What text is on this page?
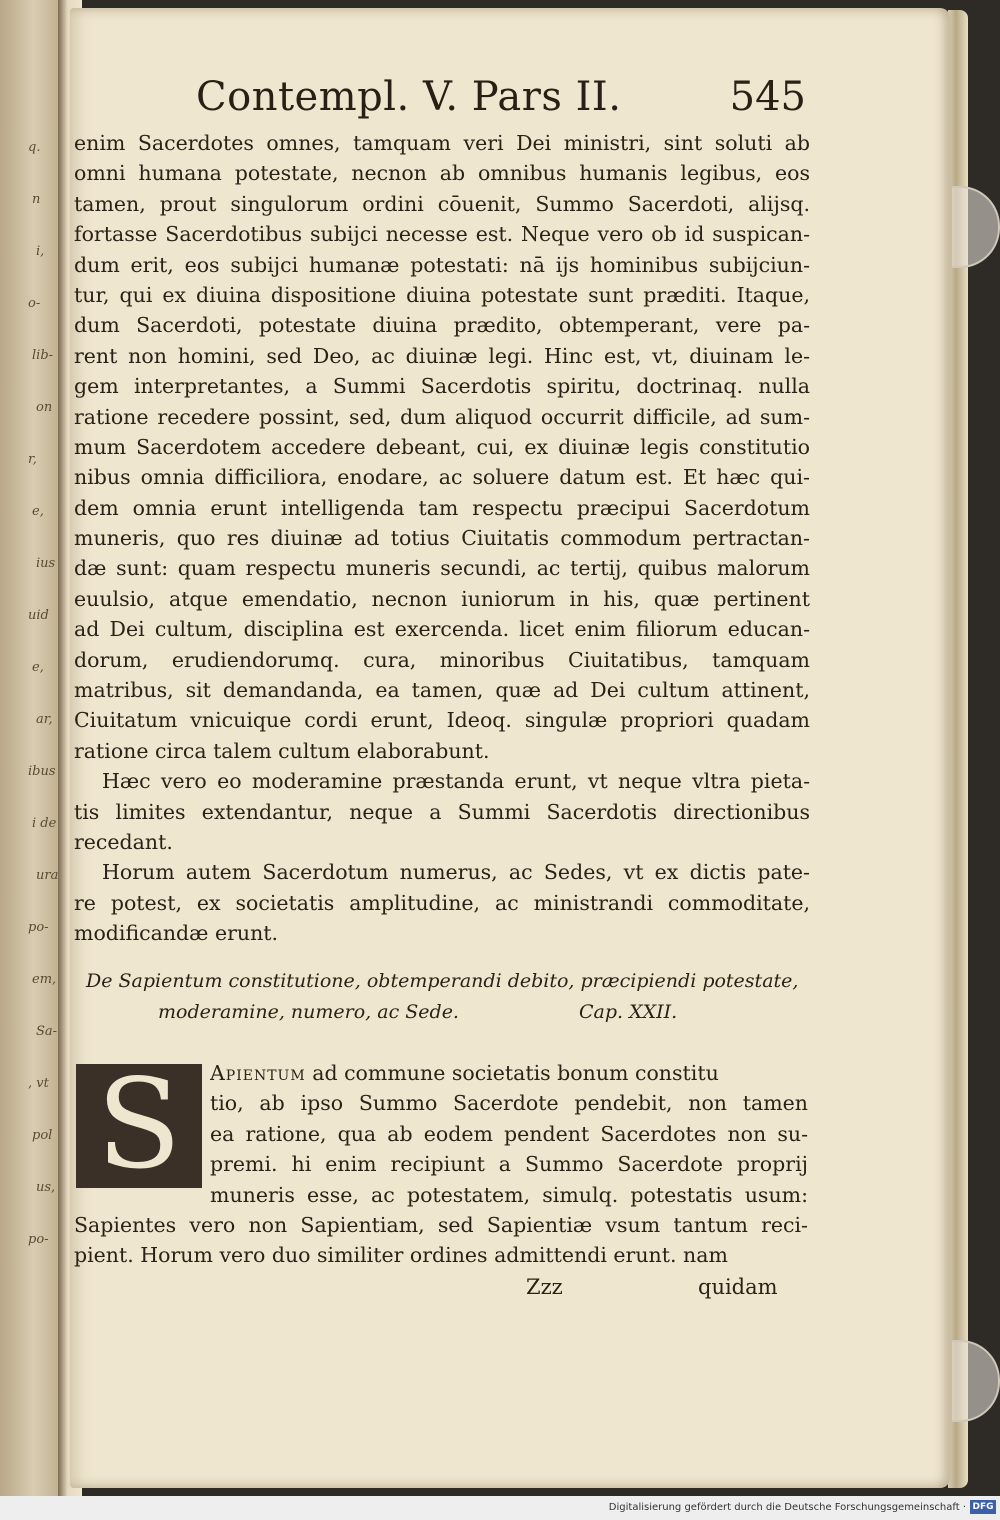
q.
n
i,
o-
lib-
on
r,
e,
ius
uid
e,
ar,
ibus
i de
ura
po-
em,
Sa-
, vt
pol
us,
po-
Contempl. V. Pars II.	545
enim Sacerdotes omnes, tamquam veri Dei ministri, sint soluti ab
omni humana potestate, necnon ab omnibus humanis legibus, eos
tamen, prout singulorum ordini cōuenit, Summo Sacerdoti, alijsq.
fortasse Sacerdotibus subijci necesse est. Neque vero ob id suspican-
dum erit, eos subijci humanæ potestati: nā ijs hominibus subijciun-
tur, qui ex diuina dispositione diuina potestate sunt præditi. Itaque,
dum Sacerdoti, potestate diuina prædito, obtemperant, vere pa-
rent non homini, sed Deo, ac diuinæ legi. Hinc est, vt, diuinam le-
gem interpretantes, a Summi Sacerdotis spiritu, doctrinaq. nulla
ratione recedere possint, sed, dum aliquod occurrit difficile, ad sum-
mum Sacerdotem accedere debeant, cui, ex diuinæ legis constitutio
nibus omnia difficiliora, enodare, ac soluere datum est. Et hæc qui-
dem omnia erunt intelligenda tam respectu præcipui Sacerdotum
muneris, quo res diuinæ ad totius Ciuitatis commodum pertractan-
dæ sunt: quam respectu muneris secundi, ac tertij, quibus malorum
euulsio, atque emendatio, necnon iuniorum in his, quæ pertinent
ad Dei cultum, disciplina est exercenda. licet enim filiorum educan-
dorum, erudiendorumq. cura, minoribus Ciuitatibus, tamquam
matribus, sit demandanda, ea tamen, quæ ad Dei cultum attinent,
Ciuitatum vnicuique cordi erunt, Ideoq. singulæ propriori quadam
ratione circa talem cultum elaborabunt.
Hæc vero eo moderamine præstanda erunt, vt neque vltra pieta-
tis limites extendantur, neque a Summi Sacerdotis directionibus
recedant.
Horum autem Sacerdotum numerus, ac Sedes, vt ex dictis pate-
re potest, ex societatis amplitudine, ac ministrandi commoditate,
modificandæ erunt.
De Sapientum constitutione, obtemperandi debito, præcipiendi potestate,
moderamine, numero, ac Sede.	Cap. XXII.
S	Apientum ad commune societatis bonum constitu
tio, ab ipso Summo Sacerdote pendebit, non tamen
ea ratione, qua ab eodem pendent Sacerdotes non su-
premi. hi enim recipiunt a Summo Sacerdote proprij
muneris esse, ac potestatem, simulq. potestatis usum:
Sapientes vero non Sapientiam, sed Sapientiæ vsum tantum reci-
pient. Horum vero duo similiter ordines admittendi erunt. nam
Zzz	quidam
Digitalisierung gefördert durch die Deutsche Forschungsgemeinschaft · DFG
